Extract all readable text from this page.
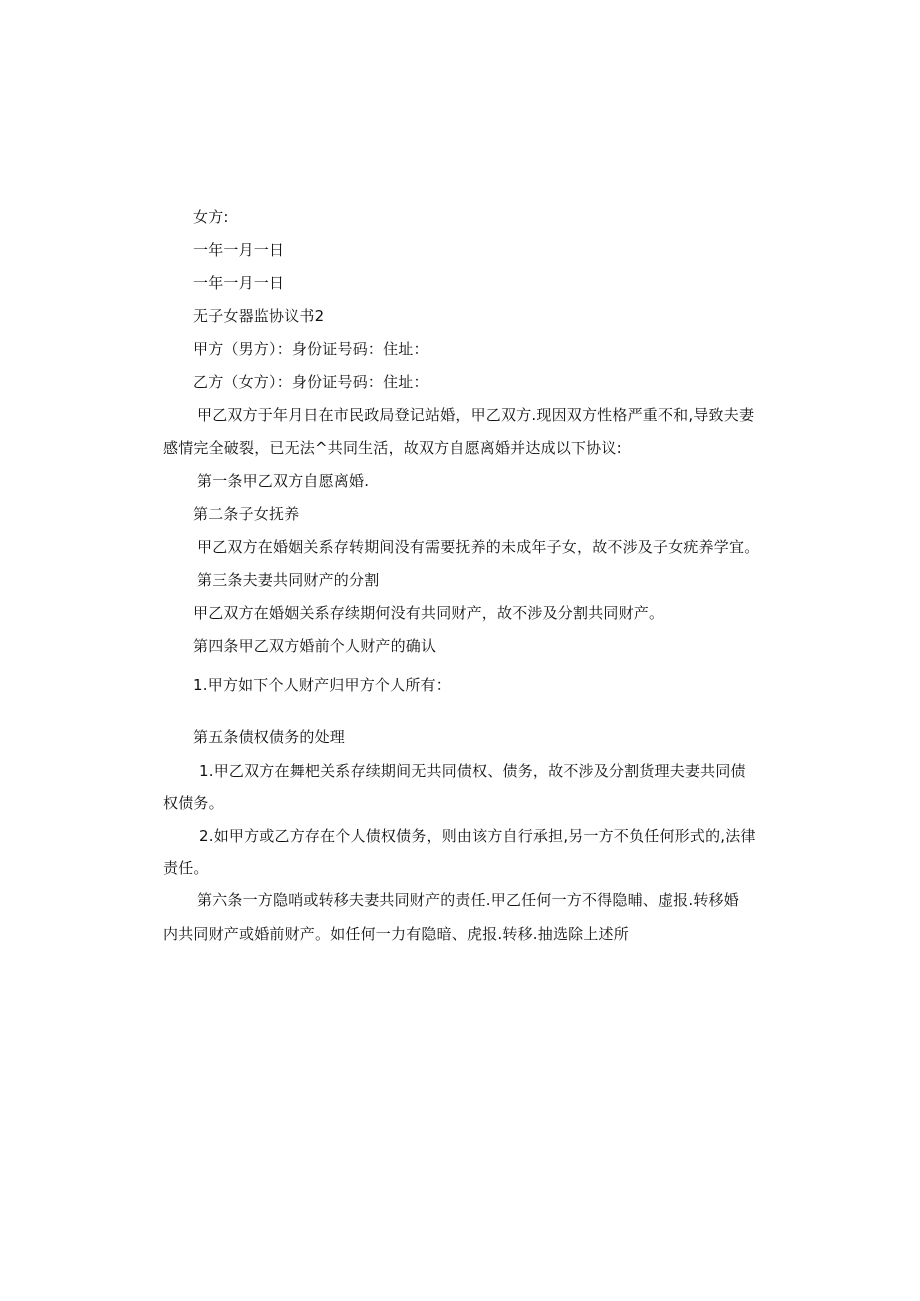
女方:
一年一月一日
一年一月一日
无子女器监协议书2
甲方（男方）：身份证号码：住址：
乙方（女方）：身份证号码：住址：
甲乙双方于年月日在市民政局登记站婚，甲乙双方.现因双方性格严重不和,导致夫妻
感情完全破裂，已无法^共同生活，故双方自愿离婚并达成以下协议:
第一条甲乙双方自愿离婚.
第二条子女抚养
甲乙双方在婚姻关系存转期间没有需要抚养的未成年子女，故不涉及子女疣养学宜。
第三条夫妻共同财产的分割
甲乙双方在婚姻关系存续期何没有共同财产，故不涉及分割共同财产。
第四条甲乙双方婚前个人财产的确认
1.甲方如下个人财产归甲方个人所有：
第五条债权债务的处理
1.甲乙双方在舞杷关系存续期间无共同债权、债务，故不涉及分割货理夫妻共同债
权债务。
2.如甲方或乙方存在个人债权债务，则由该方自行承担,另一方不负任何形式的,法律
责任。
第六条一方隐哨或转移夫妻共同财产的责任.甲乙任何一方不得隐晡、虚报.转移婚
内共同财产或婚前财产。如任何一力有隐暗、虎报.转移.抽选除上述所
